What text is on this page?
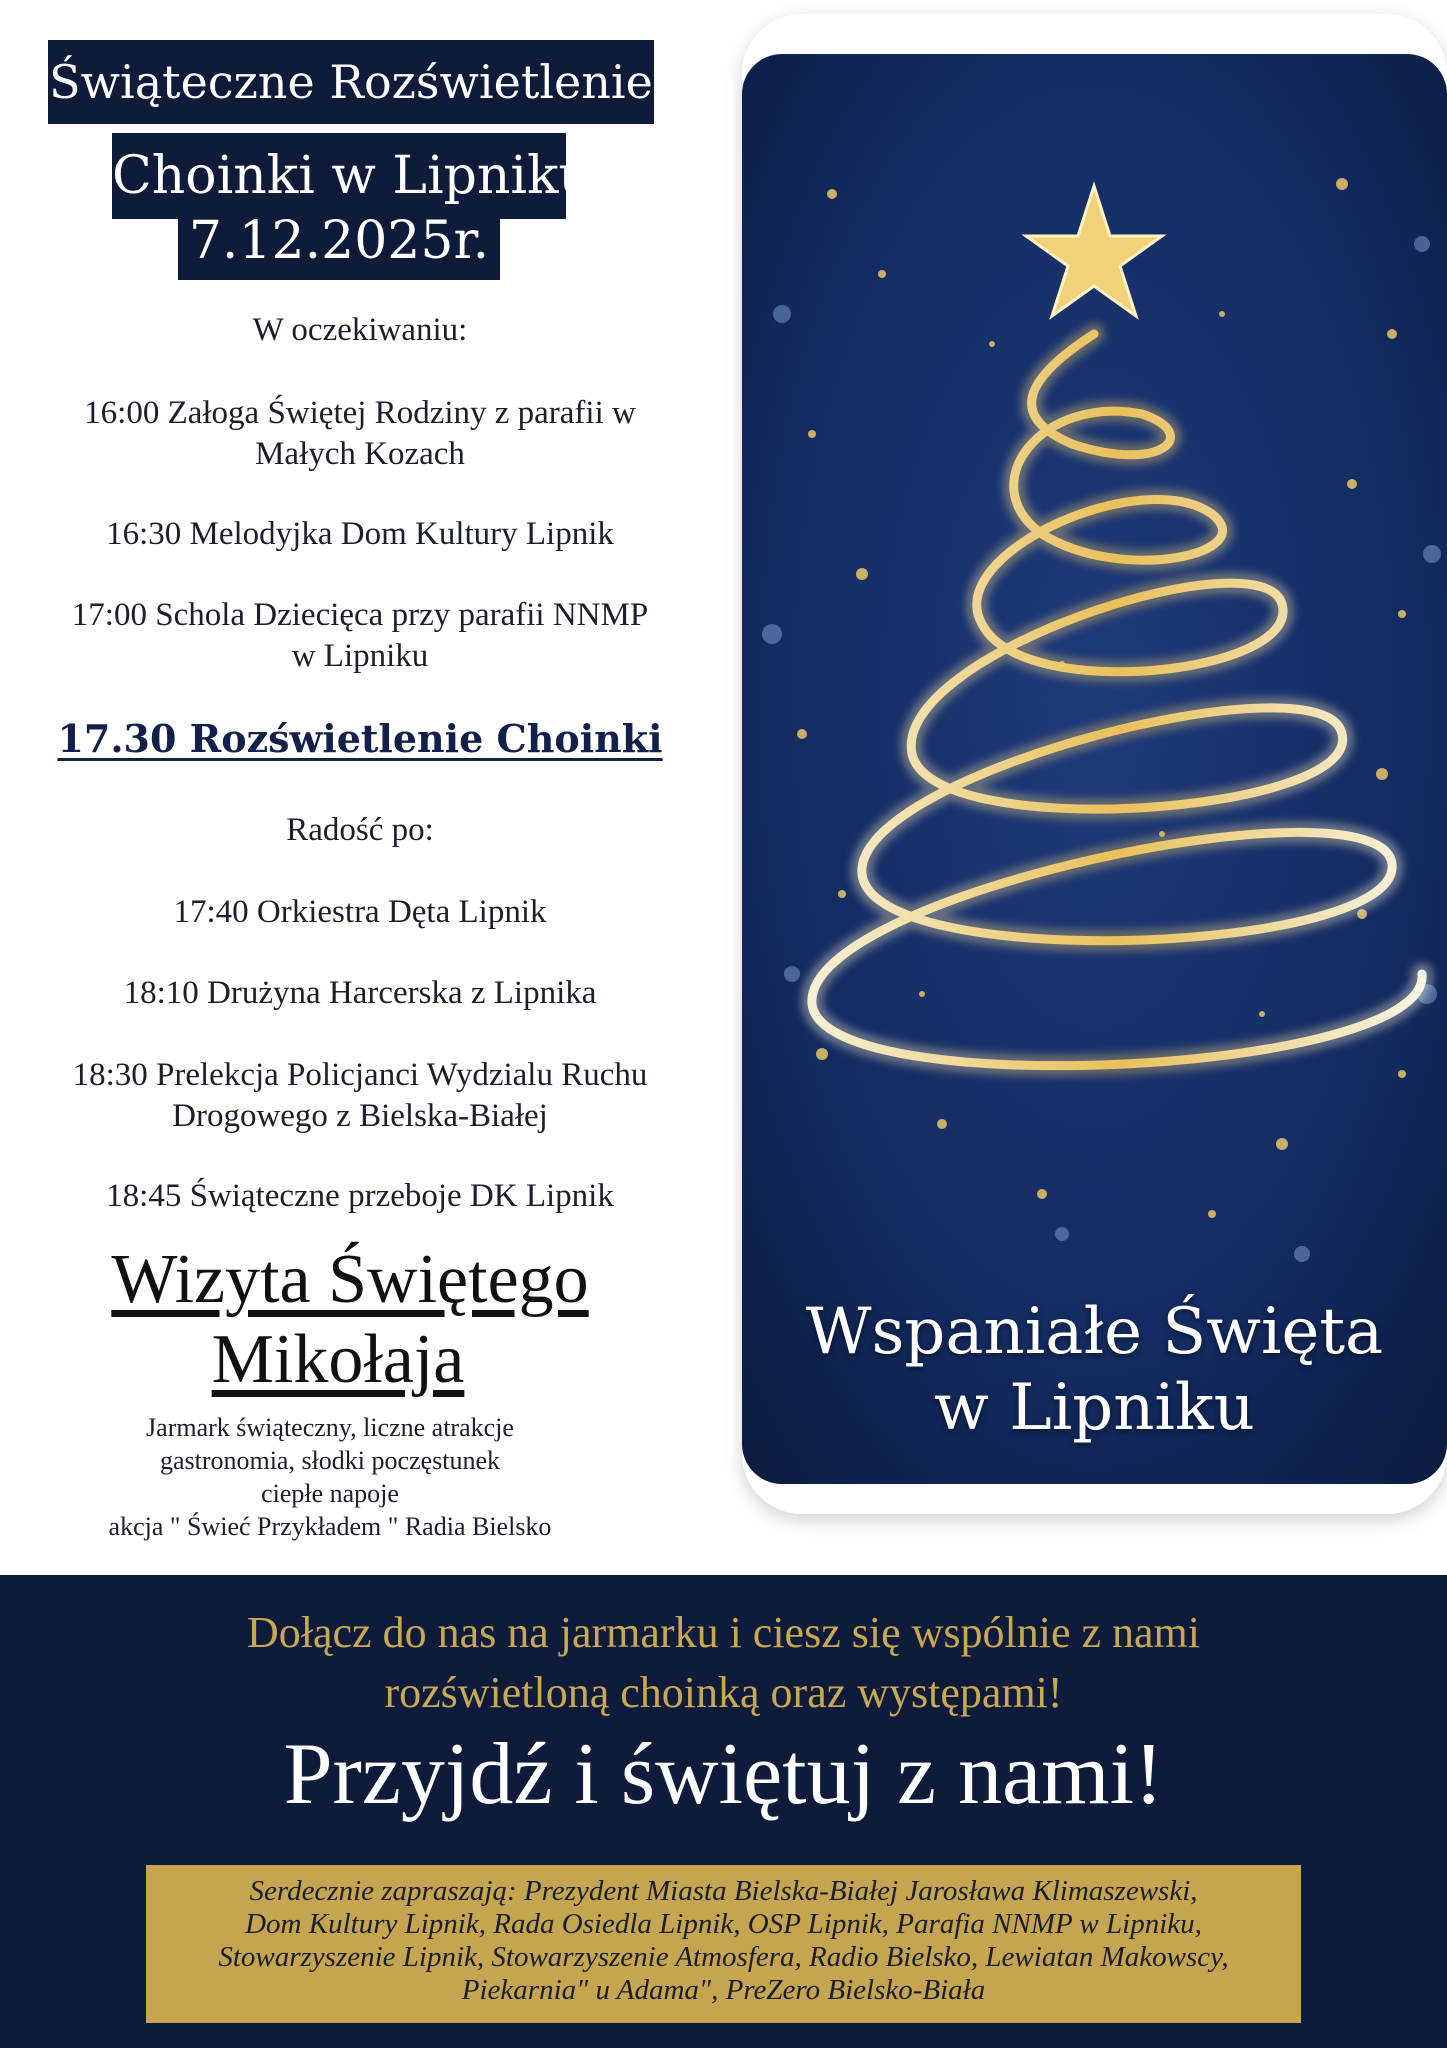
Świąteczne Rozświetlenie
Choinki w Lipniku
7.12.2025r.
W oczekiwaniu:
16:00 Załoga Świętej Rodziny z parafii w
Małych Kozach
16:30 Melodyjka Dom Kultury Lipnik
17:00 Schola Dziecięca przy parafii NNMP
w Lipniku
17.30 Rozświetlenie Choinki
Radość po:
17:40 Orkiestra Dęta Lipnik
18:10 Drużyna Harcerska z Lipnika
18:30 Prelekcja Policjanci Wydzialu Ruchu
Drogowego z Bielska-Białej
18:45 Świąteczne przeboje DK Lipnik
Wizyta Świętego
Mikołaja
Jarmark świąteczny, liczne atrakcje
gastronomia, słodki poczęstunek
ciepłe napoje
akcja " Świeć Przykładem " Radia Bielsko
Wspaniałe Święta
w Lipniku
Dołącz do nas na jarmarku i ciesz się wspólnie z nami
rozświetloną choinką oraz występami!
Przyjdź i świętuj z nami!
Serdecznie zapraszają: Prezydent Miasta Bielska-Białej Jarosława Klimaszewski,
Dom Kultury Lipnik, Rada Osiedla Lipnik, OSP Lipnik, Parafia NNMP w Lipniku,
Stowarzyszenie Lipnik, Stowarzyszenie Atmosfera, Radio Bielsko, Lewiatan Makowscy,
Piekarnia" u Adama", PreZero Bielsko-Biała
